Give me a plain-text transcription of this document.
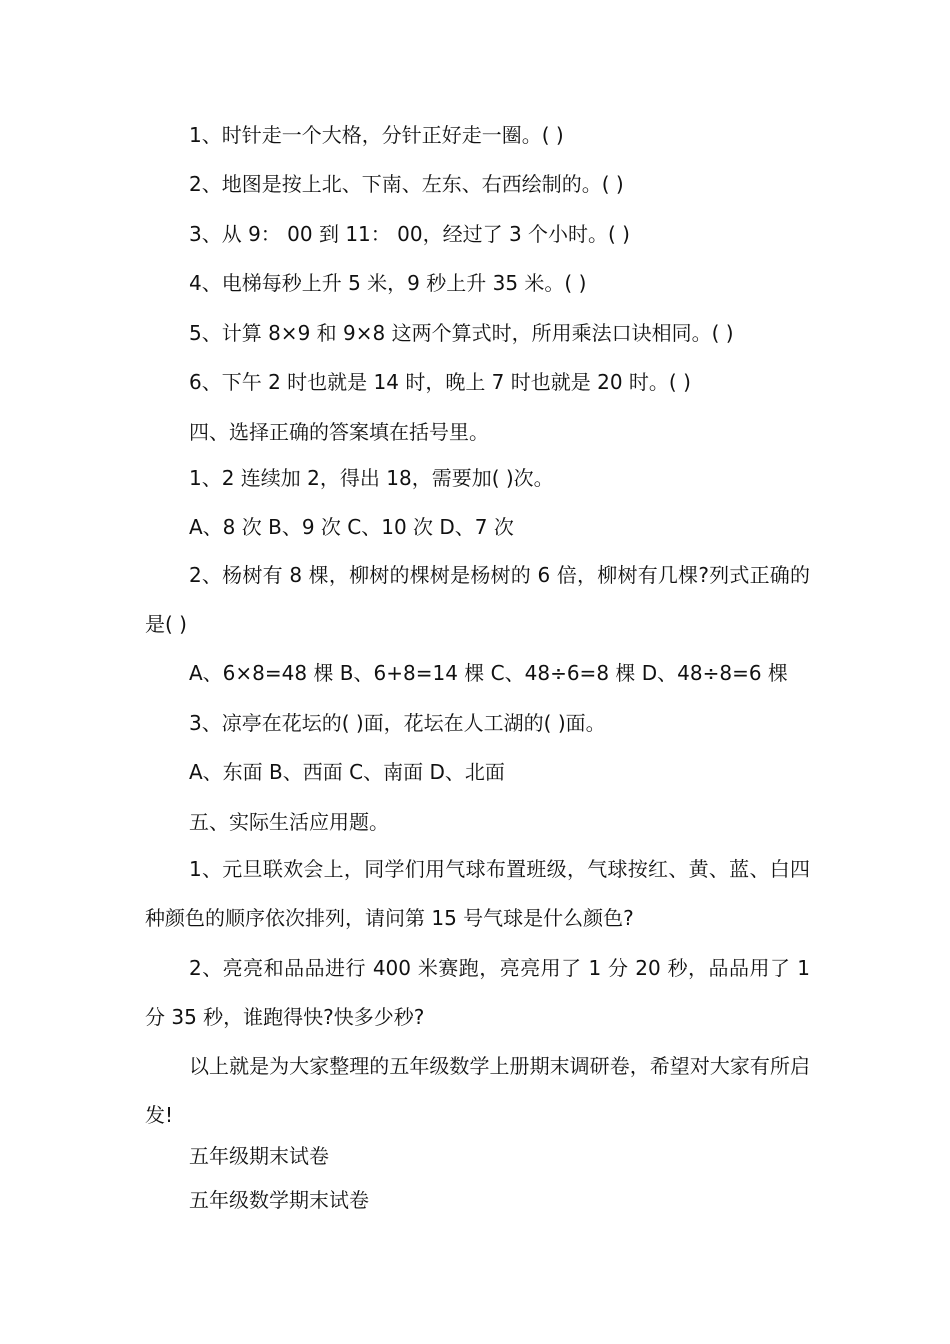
1、时针走一个大格，分针正好走一圈。( )

2、地图是按上北、下南、左东、右西绘制的。( )

3、从 9： 00 到 11： 00，经过了 3 个小时。( )

4、电梯每秒上升 5 米，9 秒上升 35 米。( )

5、计算 8×9 和 9×8 这两个算式时，所用乘法口诀相同。( )

6、下午 2 时也就是 14 时，晚上 7 时也就是 20 时。( )

四、选择正确的答案填在括号里。

1、2 连续加 2，得出 18，需要加( )次。

A、8 次 B、9 次 C、10 次 D、7 次

2、杨树有 8 棵，柳树的棵树是杨树的 6 倍，柳树有几棵?列式正确的是( )

A、6×8=48 棵 B、6+8=14 棵 C、48÷6=8 棵 D、48÷8=6 棵

3、凉亭在花坛的( )面，花坛在人工湖的( )面。

A、东面 B、西面 C、南面 D、北面

五、实际生活应用题。

1、元旦联欢会上，同学们用气球布置班级，气球按红、黄、蓝、白四种颜色的顺序依次排列，请问第 15 号气球是什么颜色?

2、亮亮和品品进行 400 米赛跑，亮亮用了 1 分 20 秒，品品用了 1 分 35 秒，谁跑得快?快多少秒?

以上就是为大家整理的五年级数学上册期末调研卷，希望对大家有所启发!

五年级期末试卷

五年级数学期末试卷
